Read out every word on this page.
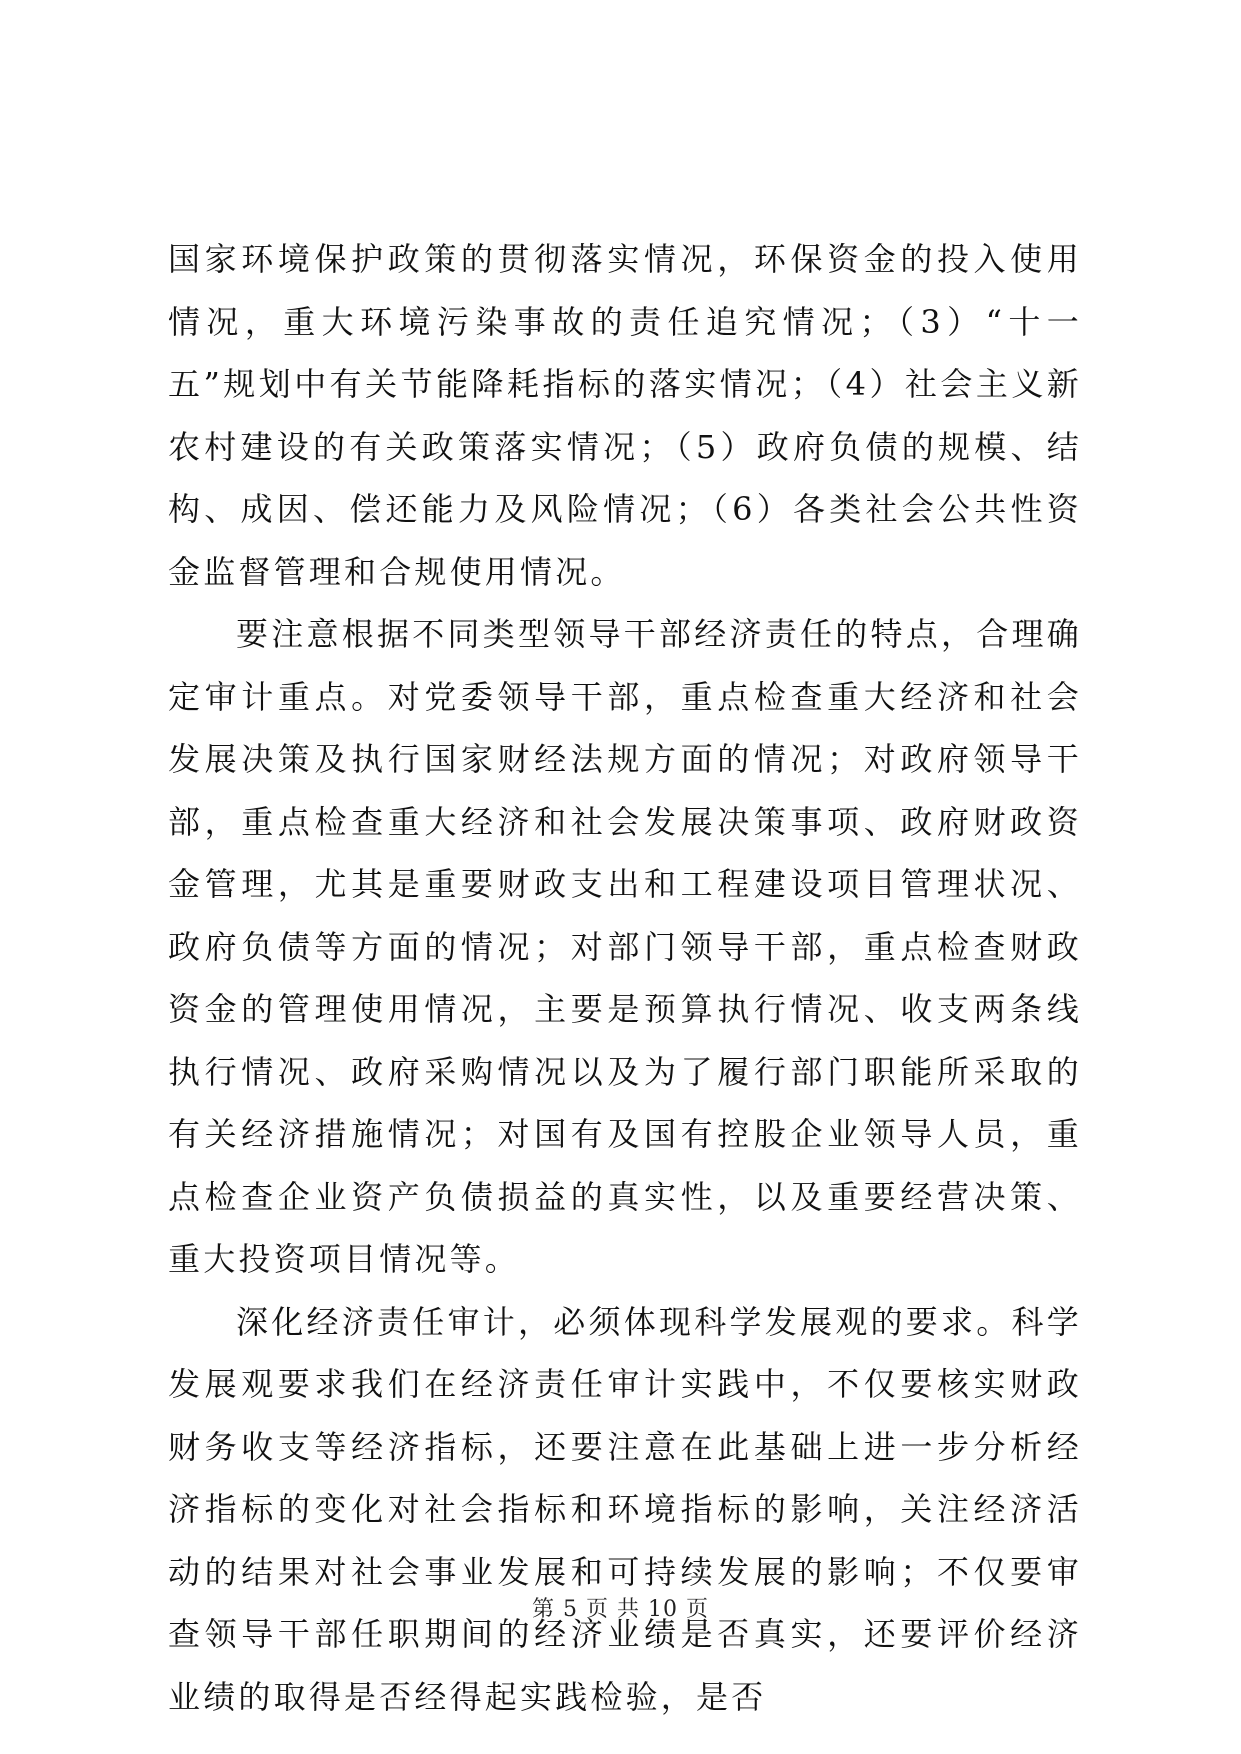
国家环境保护政策的贯彻落实情况，环保资金的投入使用情况，重大环境污染事故的责任追究情况；（3）“十一五”规划中有关节能降耗指标的落实情况；（4）社会主义新农村建设的有关政策落实情况；（5）政府负债的规模、结构、成因、偿还能力及风险情况；（6）各类社会公共性资金监督管理和合规使用情况。

要注意根据不同类型领导干部经济责任的特点，合理确定审计重点。对党委领导干部，重点检查重大经济和社会发展决策及执行国家财经法规方面的情况；对政府领导干部，重点检查重大经济和社会发展决策事项、政府财政资金管理，尤其是重要财政支出和工程建设项目管理状况、政府负债等方面的情况；对部门领导干部，重点检查财政资金的管理使用情况，主要是预算执行情况、收支两条线执行情况、政府采购情况以及为了履行部门职能所采取的有关经济措施情况；对国有及国有控股企业领导人员，重点检查企业资产负债损益的真实性，以及重要经营决策、重大投资项目情况等。

深化经济责任审计，必须体现科学发展观的要求。科学发展观要求我们在经济责任审计实践中，不仅要核实财政财务收支等经济指标，还要注意在此基础上进一步分析经济指标的变化对社会指标和环境指标的影响，关注经济活动的结果对社会事业发展和可持续发展的影响；不仅要审查领导干部任职期间的经济业绩是否真实，还要评价经济业绩的取得是否经得起实践检验，是否

第 5 页 共 10 页
